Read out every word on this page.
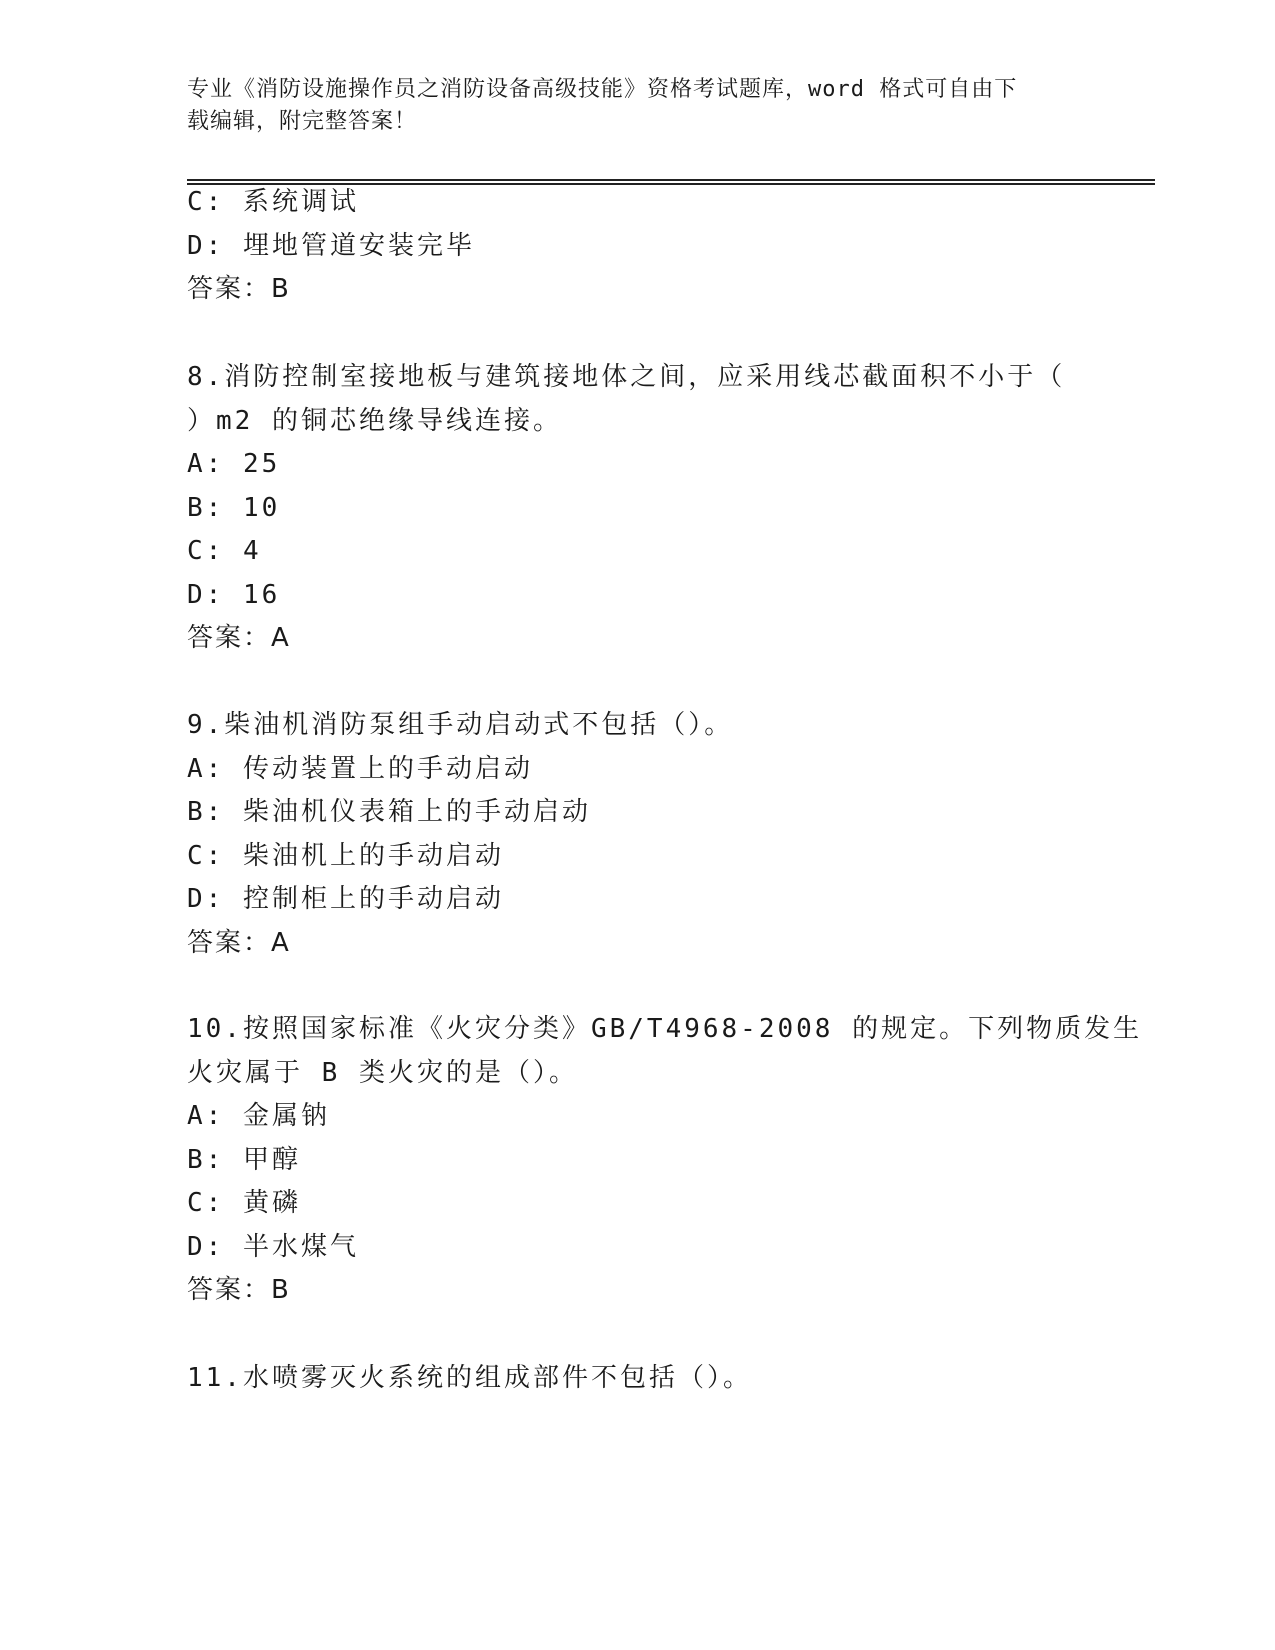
专业《消防设施操作员之消防设备高级技能》资格考试题库，word 格式可自由下
载编辑，附完整答案！
C: 系统调试
D: 埋地管道安装完毕
答案：B
8.消防控制室接地板与建筑接地体之间，应采用线芯截面积不小于（
）m2 的铜芯绝缘导线连接。
A: 25
B: 10
C: 4
D: 16
答案：A
9.柴油机消防泵组手动启动式不包括（）。
A: 传动装置上的手动启动
B: 柴油机仪表箱上的手动启动
C: 柴油机上的手动启动
D: 控制柜上的手动启动
答案：A
10.按照国家标准《火灾分类》GB/T4968-2008 的规定。下列物质发生
火灾属于 B 类火灾的是（）。
A: 金属钠
B: 甲醇
C: 黄磷
D: 半水煤气
答案：B
11.水喷雾灭火系统的组成部件不包括（）。
